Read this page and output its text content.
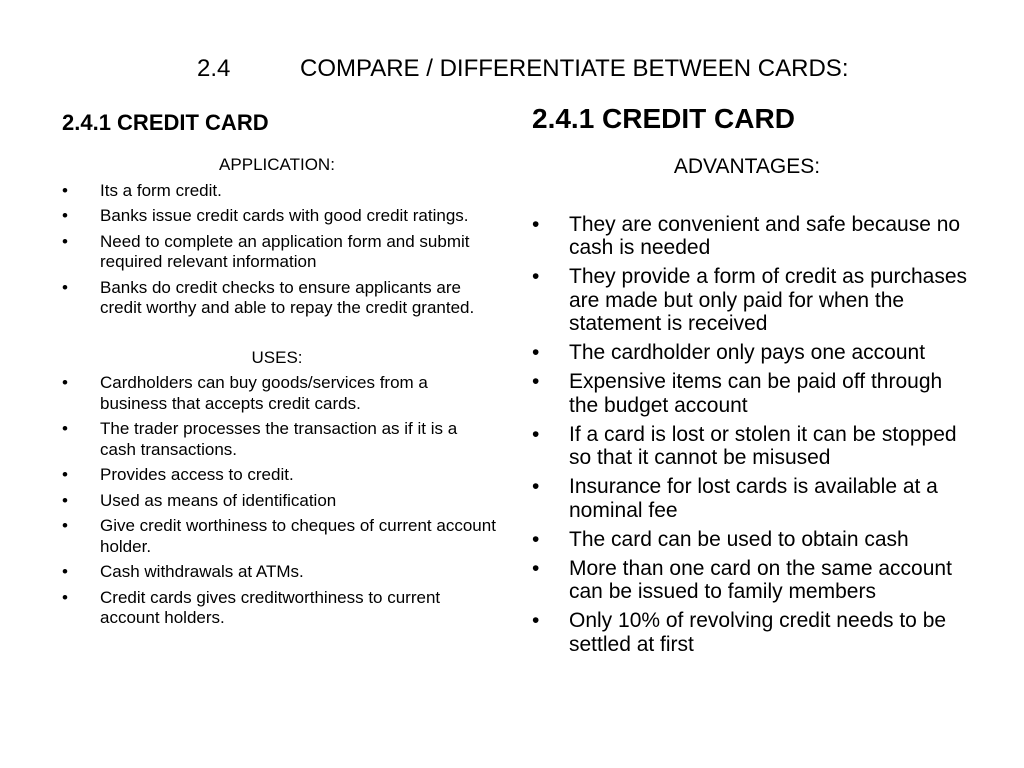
2.4	COMPARE / DIFFERENTIATE BETWEEN CARDS:
2.4.1 CREDIT CARD	2.4.1 CREDIT CARD

APPLICATION:

• Its a form credit.
• Banks issue credit cards with good credit ratings.
• Need to complete an application form and submit required relevant information
• Banks do credit checks to ensure applicants are credit worthy and able to repay the credit granted.

USES:

• Cardholders can buy goods/services from a business that accepts credit cards.
• The trader processes the transaction as if it is a cash transactions.
• Provides access to credit.
• Used as means of identification
• Give credit worthiness to cheques of current account holder.
• Cash withdrawals at ATMs.
• Credit cards gives creditworthiness to current account holders.

ADVANTAGES:

• They are convenient and safe because no cash is needed
• They provide a form of credit as purchases are made but only paid for when the statement is received
• The cardholder only pays one account
• Expensive items can be paid off through the budget account
• If a card is lost or stolen it can be stopped so that it cannot be misused
• Insurance for lost cards is available at a nominal fee
• The card can be used to obtain cash
• More than one card on the same account can be issued to family members
• Only 10% of revolving credit needs to be settled at first
